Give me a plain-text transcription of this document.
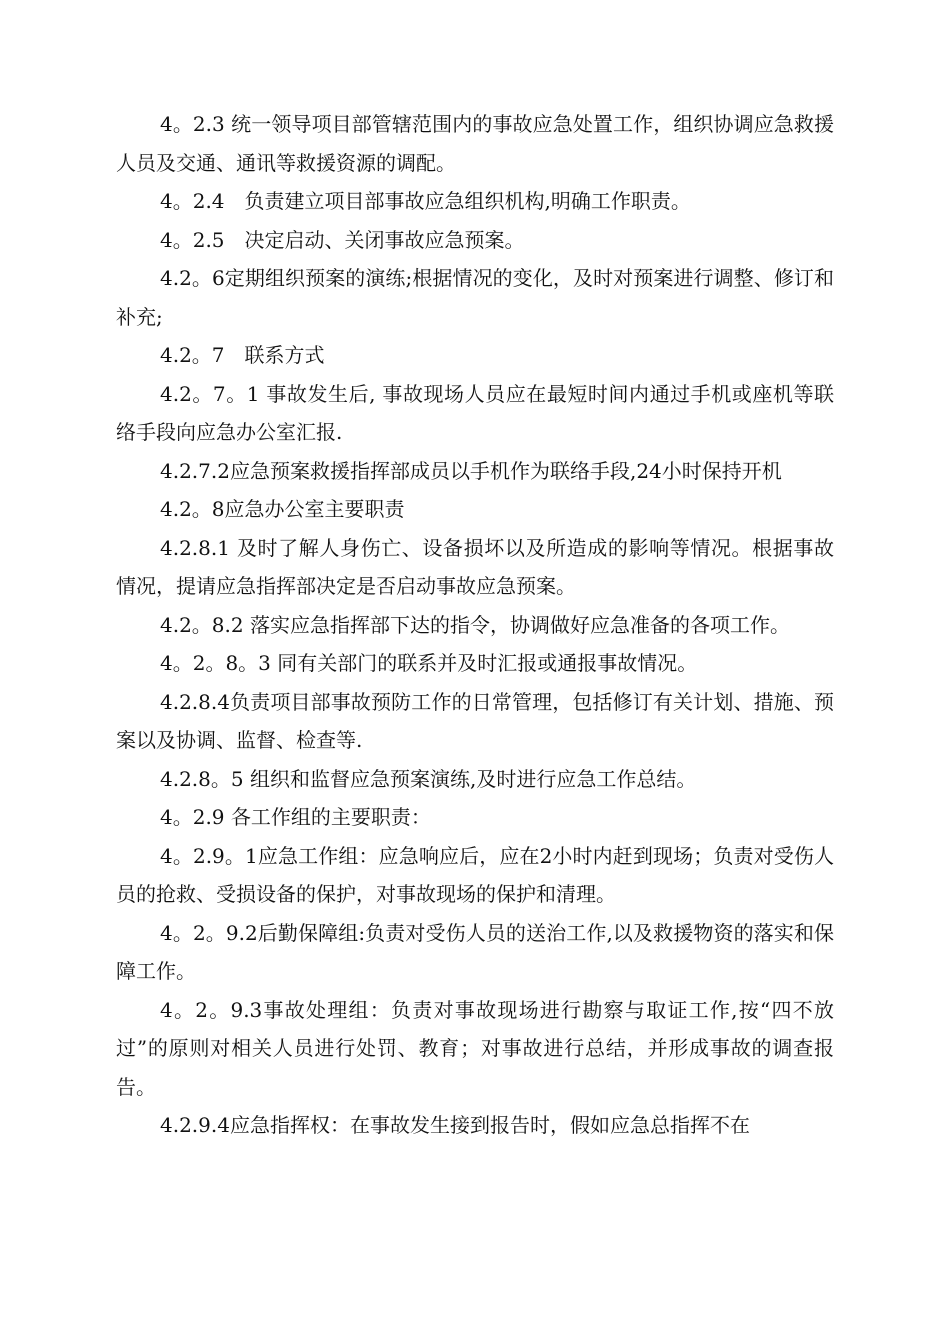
4。2.3 统一领导项目部管辖范围内的事故应急处置工作，组织协调应急救援人员及交通、通讯等救援资源的调配。

4。2.4　负责建立项目部事故应急组织机构,明确工作职责。

4。2.5　决定启动、关闭事故应急预案。

4.2。6定期组织预案的演练;根据情况的变化，及时对预案进行调整、修订和补充;

4.2。7　联系方式

4.2。7。1 事故发生后, 事故现场人员应在最短时间内通过手机或座机等联络手段向应急办公室汇报.

4.2.7.2应急预案救援指挥部成员以手机作为联络手段,24小时保持开机

4.2。8应急办公室主要职责

4.2.8.1 及时了解人身伤亡、设备损坏以及所造成的影响等情况。根据事故情况，提请应急指挥部决定是否启动事故应急预案。

4.2。8.2 落实应急指挥部下达的指令，协调做好应急准备的各项工作。

4。2。8。3 同有关部门的联系并及时汇报或通报事故情况。

4.2.8.4负责项目部事故预防工作的日常管理，包括修订有关计划、措施、预案以及协调、监督、检查等.

4.2.8。5 组织和监督应急预案演练,及时进行应急工作总结。

4。2.9 各工作组的主要职责：

4。2.9。1应急工作组：应急响应后，应在2小时内赶到现场；负责对受伤人员的抢救、受损设备的保护，对事故现场的保护和清理。

4。2。9.2后勤保障组:负责对受伤人员的送治工作,以及救援物资的落实和保障工作。

4。2。9.3事故处理组：负责对事故现场进行勘察与取证工作,按“四不放过”的原则对相关人员进行处罚、教育；对事故进行总结，并形成事故的调查报告。

4.2.9.4应急指挥权：在事故发生接到报告时，假如应急总指挥不在
